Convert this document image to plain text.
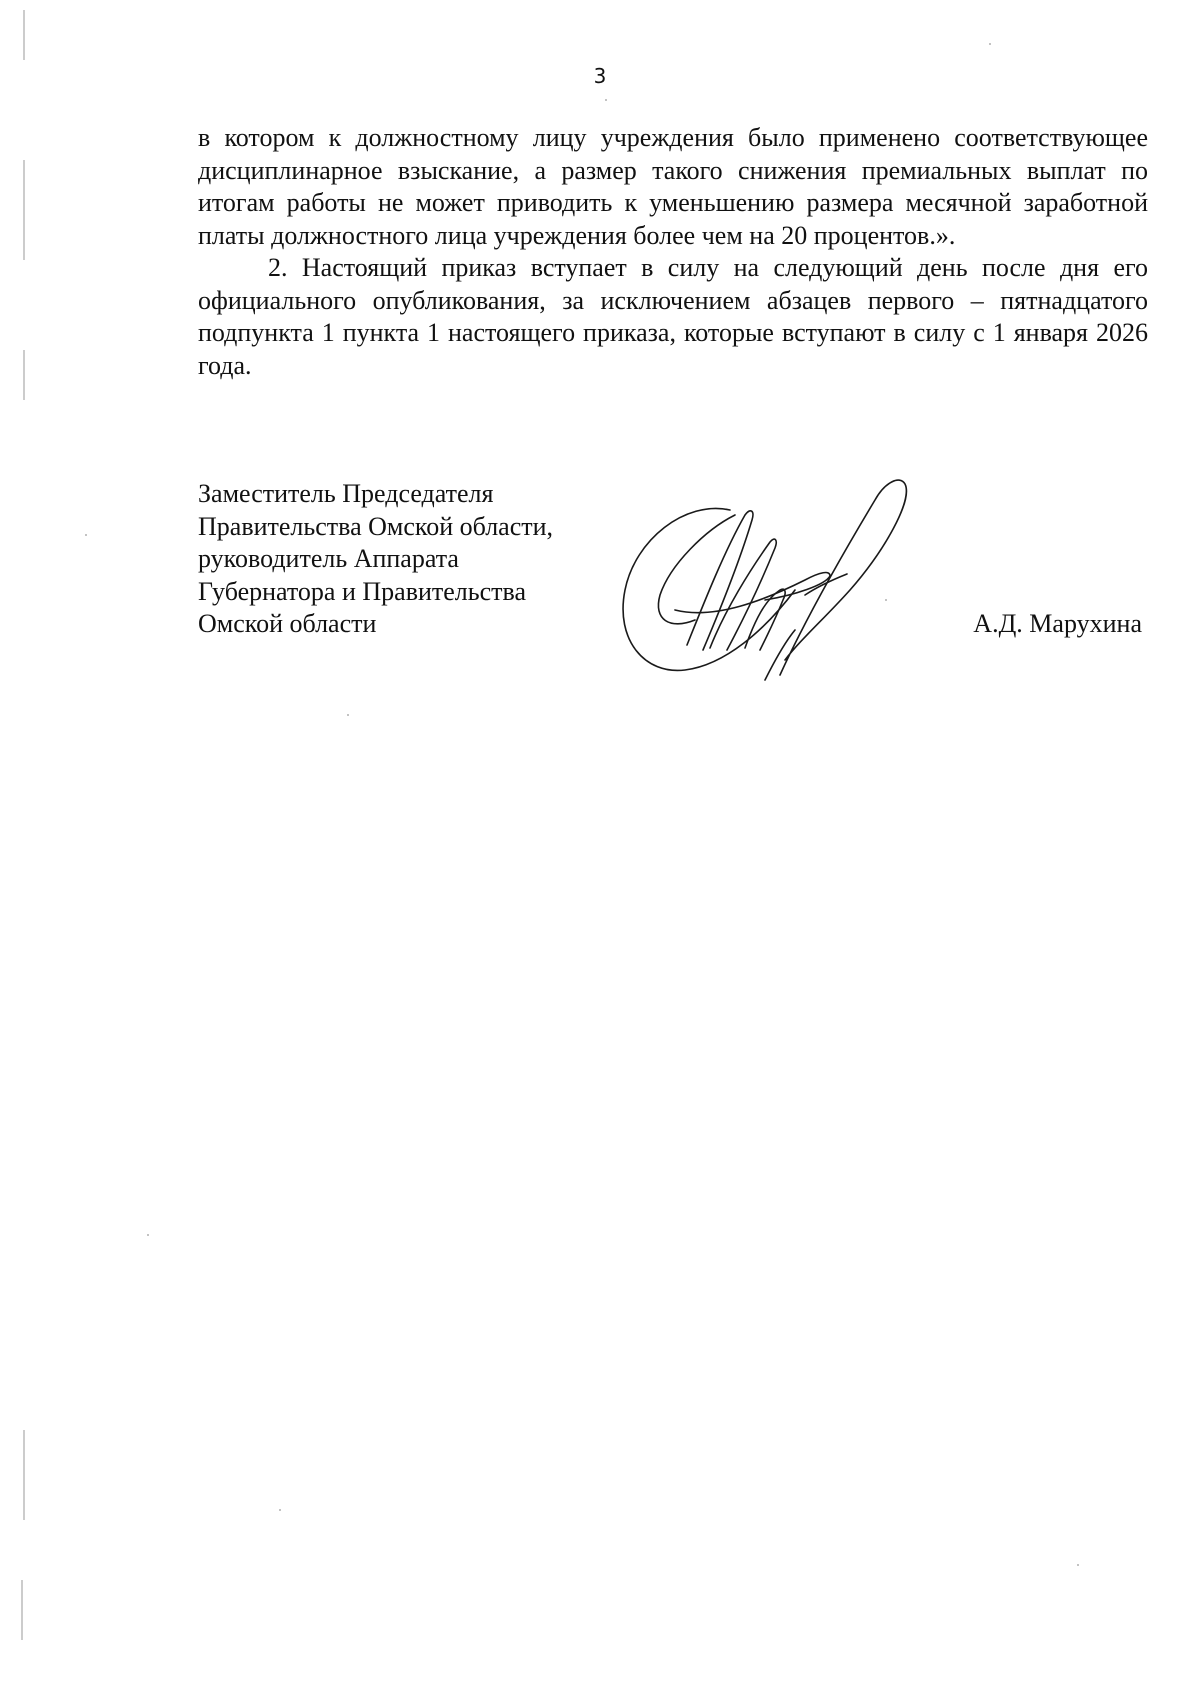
3

в котором к должностному лицу учреждения было применено соответствующее дисциплинарное взыскание, а размер такого снижения премиальных выплат по итогам работы не может приводить к уменьшению размера месячной заработной платы должностного лица учреждения более чем на 20 процентов.».

2. Настоящий приказ вступает в силу на следующий день после дня его официального опубликования, за исключением абзацев первого – пятнадцатого подпункта 1 пункта 1 настоящего приказа, которые вступают в силу с 1 января 2026 года.

Заместитель Председателя
Правительства Омской области,
руководитель Аппарата
Губернатора и Правительства
Омской области	А.Д. Марухина
